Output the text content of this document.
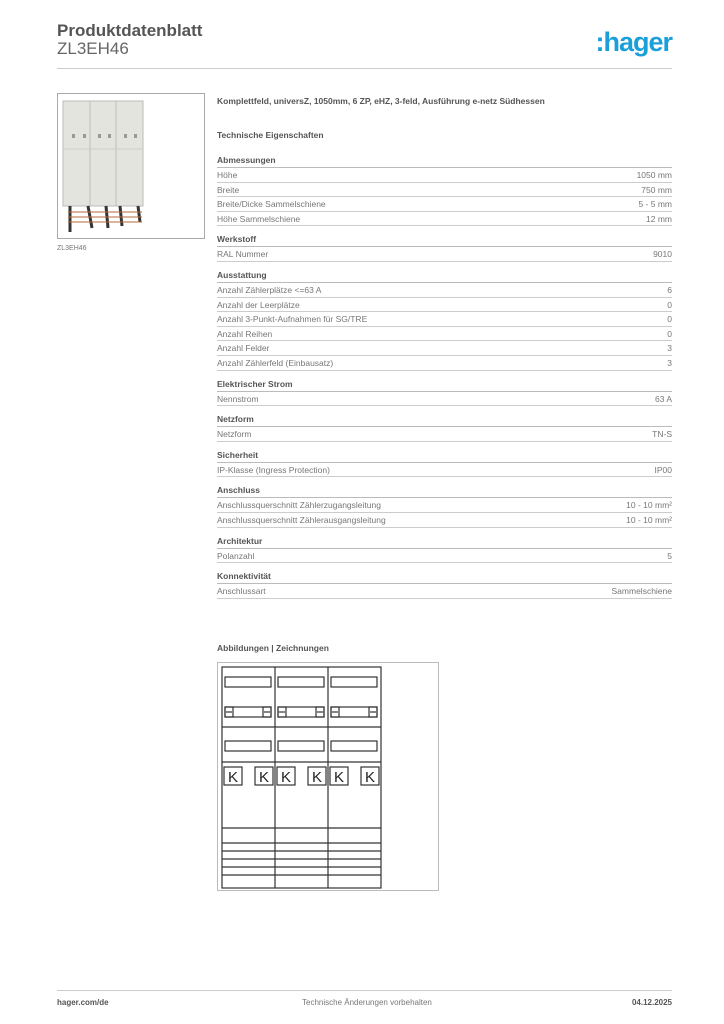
Produktdatenblatt
ZL3EH46	:hager
ZL3EH46
Komplettfeld, universZ, 1050mm, 6 ZP, eHZ, 3-feld, Ausführung e-netz Südhessen
Technische Eigenschaften
Abmessungen
Höhe	1050 mm
Breite	750 mm
Breite/Dicke Sammelschiene	5 - 5 mm
Höhe Sammelschiene	12 mm
Werkstoff
RAL Nummer	9010
Ausstattung
Anzahl Zählerplätze <=63 A	6
Anzahl der Leerplätze	0
Anzahl 3-Punkt-Aufnahmen für SG/TRE	0
Anzahl Reihen	0
Anzahl Felder	3
Anzahl Zählerfeld (Einbausatz)	3
Elektrischer Strom
Nennstrom	63 A
Netzform
Netzform	TN-S
Sicherheit
IP-Klasse (Ingress Protection)	IP00
Anschluss
Anschlussquerschnitt Zählerzugangsleitung	10 - 10 mm²
Anschlussquerschnitt Zählerausgangsleitung	10 - 10 mm²
Architektur
Polanzahl	5
Konnektivität
Anschlussart	Sammelschiene
Abbildungen | Zeichnungen
K K K K K K
hager.com/de	Technische Änderungen vorbehalten	04.12.2025
